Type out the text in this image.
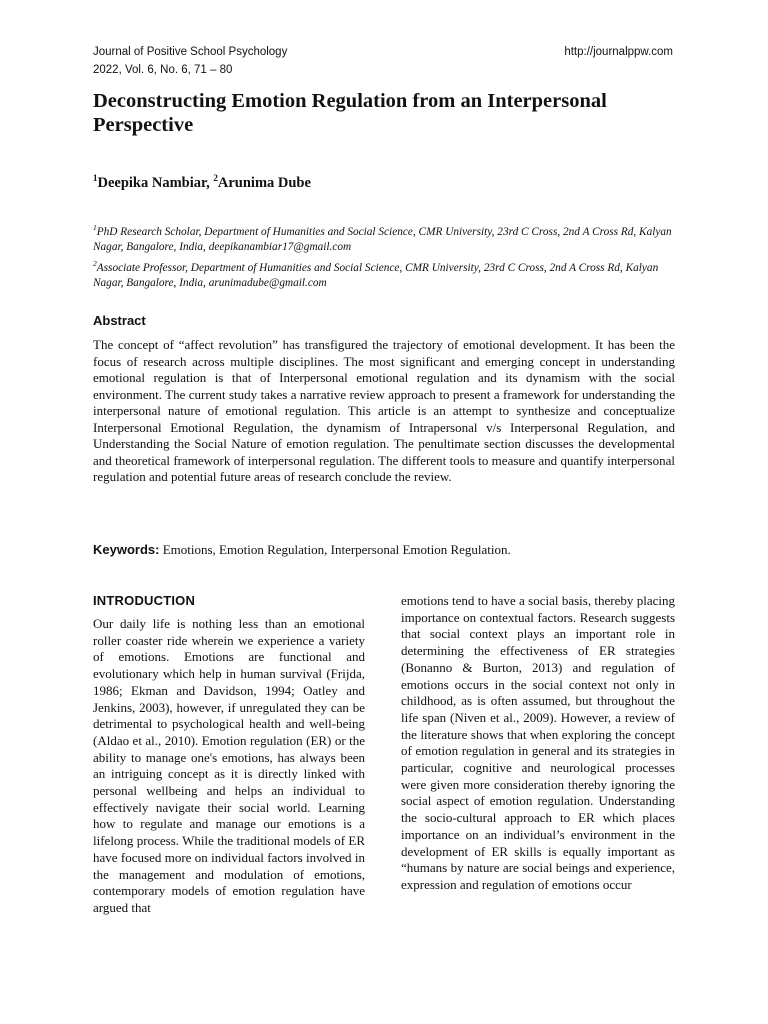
Journal of Positive School Psychology
2022, Vol. 6, No. 6, 71 – 80
http://journalppw.com
Deconstructing Emotion Regulation from an Interpersonal Perspective
$^1$Deepika Nambiar, $^2$Arunima Dube
$^1$PhD Research Scholar, Department of Humanities and Social Science, CMR University, 23rd C Cross, 2nd A Cross Rd, Kalyan Nagar, Bangalore, India, deepikanambiar17@gmail.com
$^2$Associate Professor, Department of Humanities and Social Science, CMR University, 23rd C Cross, 2nd A Cross Rd, Kalyan Nagar, Bangalore, India, arunimadube@gmail.com
Abstract

The concept of “affect revolution” has transfigured the trajectory of emotional development. It has been the focus of research across multiple disciplines. The most significant and emerging concept in understanding emotional regulation is that of Interpersonal emotional regulation and its dynamism with the social environment. The current study takes a narrative review approach to present a framework for understanding the interpersonal nature of emotional regulation. This article is an attempt to synthesize and conceptualize Interpersonal Emotional Regulation, the dynamism of Intrapersonal v/s Interpersonal Regulation, and Understanding the Social Nature of emotion regulation. The penultimate section discusses the developmental and theoretical framework of interpersonal regulation. The different tools to measure and quantify interpersonal regulation and potential future areas of research conclude the review.

Keywords: Emotions, Emotion Regulation, Interpersonal Emotion Regulation.
INTRODUCTION

Our daily life is nothing less than an emotional roller coaster ride wherein we experience a variety of emotions. Emotions are functional and evolutionary which help in human survival (Frijda, 1986; Ekman and Davidson, 1994; Oatley and Jenkins, 2003), however, if unregulated they can be detrimental to psychological health and well-being (Aldao et al., 2010). Emotion regulation (ER) or the ability to manage one's emotions, has always been an intriguing concept as it is directly linked with personal wellbeing and helps an individual to effectively navigate their social world. Learning how to regulate and manage our emotions is a lifelong process. While the traditional models of ER have focused more on individual factors involved in the management and modulation of emotions, contemporary models of emotion regulation have argued that

emotions tend to have a social basis, thereby placing importance on contextual factors. Research suggests that social context plays an important role in determining the effectiveness of ER strategies (Bonanno & Burton, 2013) and regulation of emotions occurs in the social context not only in childhood, as is often assumed, but throughout the life span (Niven et al., 2009). However, a review of the literature shows that when exploring the concept of emotion regulation in general and its strategies in particular, cognitive and neurological processes were given more consideration thereby ignoring the social aspect of emotion regulation. Understanding the socio-cultural approach to ER which places importance on an individual’s environment in the development of ER skills is equally important as “humans by nature are social beings and experience, expression and regulation of emotions occur
